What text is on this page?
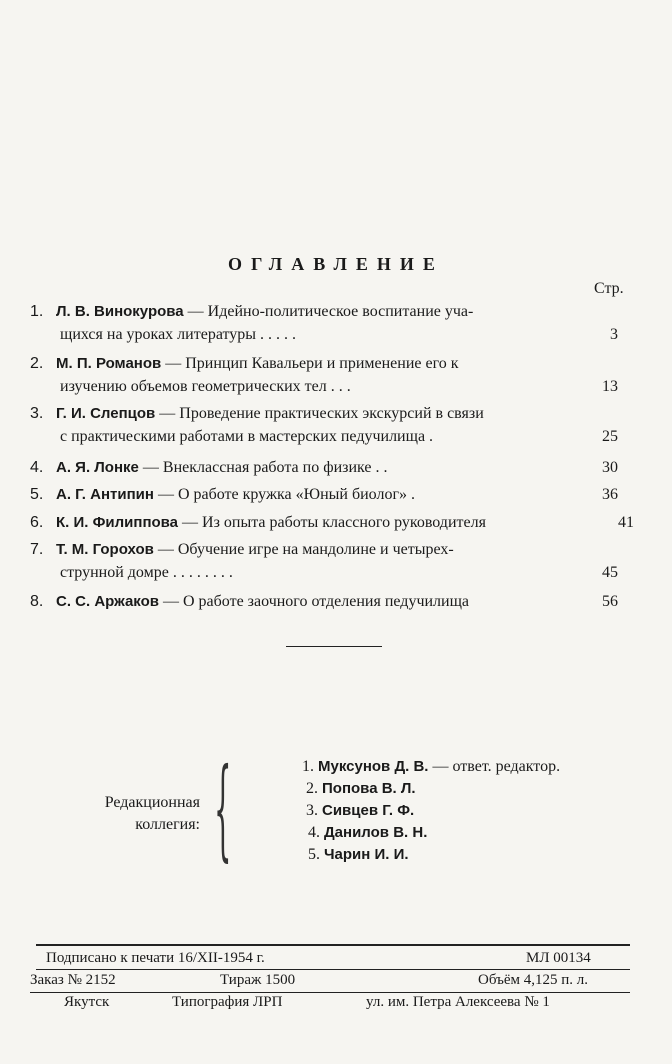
ОГЛАВЛЕНИЕ
Стр.
1. Л. В. Винокурова — Идейно-политическое воспитание уча-
щихся на уроках литературы . . . . .	3
2. М. П. Романов — Принцип Кавальери и применение его к
изучению объемов геометрических тел . . .	13
3. Г. И. Слепцов — Проведение практических экскурсий в связи
с практическими работами в мастерских педучилища .	25
4. А. Я. Лонке — Внеклассная работа по физике . .	30
5. А. Г. Антипин — О работе кружка «Юный биолог» .	36
6. К. И. Филиппова — Из опыта работы классного руководителя	41
7. Т. М. Горохов — Обучение игре на мандолине и четырех-
струнной домре . . . . . . . .	45
8. С. С. Аржаков — О работе заочного отделения педучилища	56
Редакционная
коллегия: {	1. Муксунов Д. В. — ответ. редактор.
2. Попова В. Л.
3. Сивцев Г. Ф.
4. Данилов В. Н.
5. Чарин И. И.
Подписано к печати 16/XII-1954 г.	МЛ 00134
Заказ № 2152	Тираж 1500	Объём 4,125 п. л.
Якутск	Типография ЛРП	ул. им. Петра Алексеева № 1
